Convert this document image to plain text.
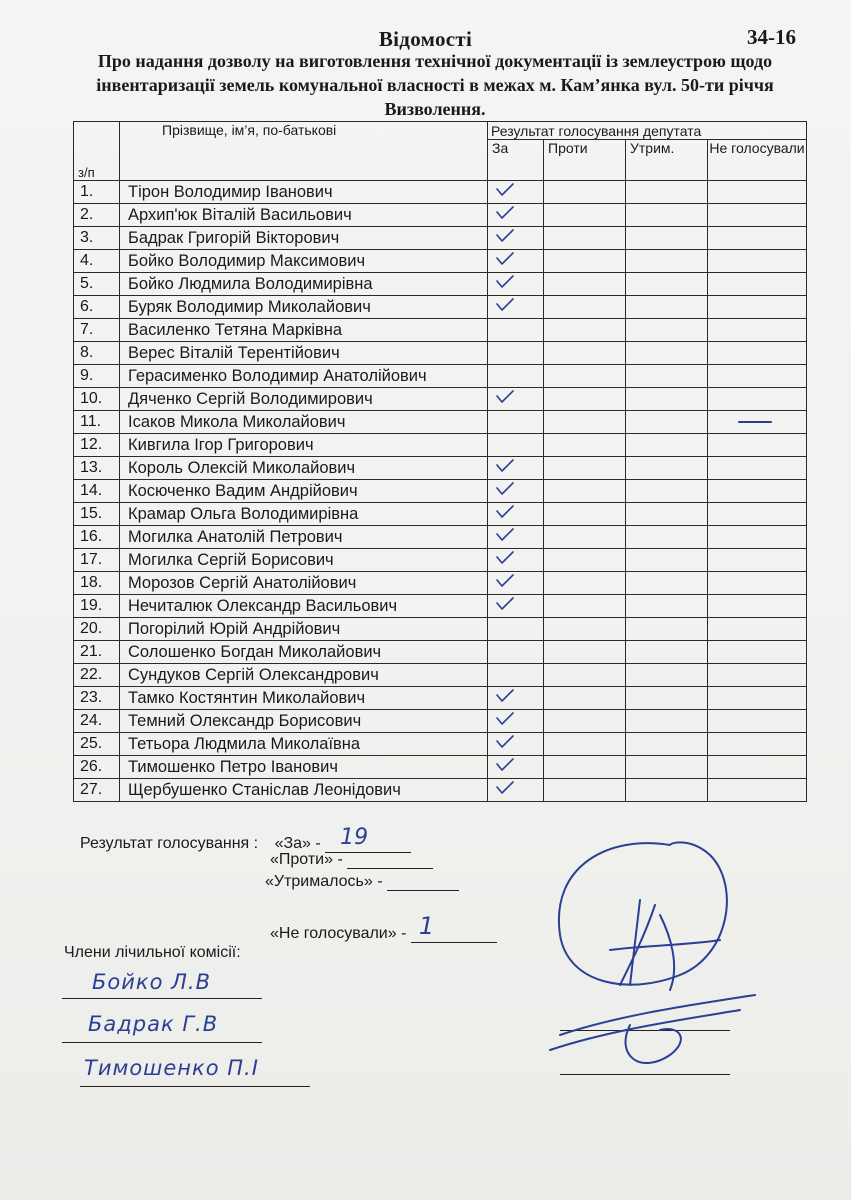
Відомості	34-16
Про надання дозволу на виготовлення технічної документації із землеустрою щодо інвентаризації земель комунальної власності в межах м. Кам’янка вул. 50-ти річчя Визволення.
з/п	Прізвище, ім’я, по-батькові	Результат голосування депутата			
		За	Проти	Утрим.	Не голосували
1.	Тірон Володимир Іванович				
2.	Архип'юк Віталій Васильович				
3.	Бадрак Григорій Вікторович				
4.	Бойко Володимир Максимович				
5.	Бойко Людмила Володимирівна				
6.	Буряк Володимир Миколайович				
7.	Василенко Тетяна Марківна				
8.	Верес Віталій Терентійович				
9.	Герасименко Володимир Анатолійович				
10.	Дяченко Сергій Володимирович				
11.	Ісаков Микола Миколайович				

12.	Кивгила Ігор Григорович				
13.	Король Олексій Миколайович				
14.	Косюченко Вадим Андрійович				
15.	Крамар Ольга Володимирівна				
16.	Могилка Анатолій Петрович				
17.	Могилка Сергій Борисович				
18.	Морозов Сергій Анатолійович				
19.	Нечиталюк Олександр Васильович				
20.	Погорілий Юрій Андрійович				
21.	Солошенко Богдан Миколайович				
22.	Сундуков Сергій Олександрович				
23.	Тамко Костянтин Миколайович				
24.	Темний Олександр Борисович				
25.	Тетьора Людмила Миколаївна				
26.	Тимошенко Петро Іванович				
27.	Щербушенко Станіслав Леонідович				
Результат голосування : «За» - 19
«Проти» -
«Утрималось» -
«Не голосували» - 1
Члени лічильної комісії:
Бойко Л.В
Бадрак Г.В
Тимошенко П.І
